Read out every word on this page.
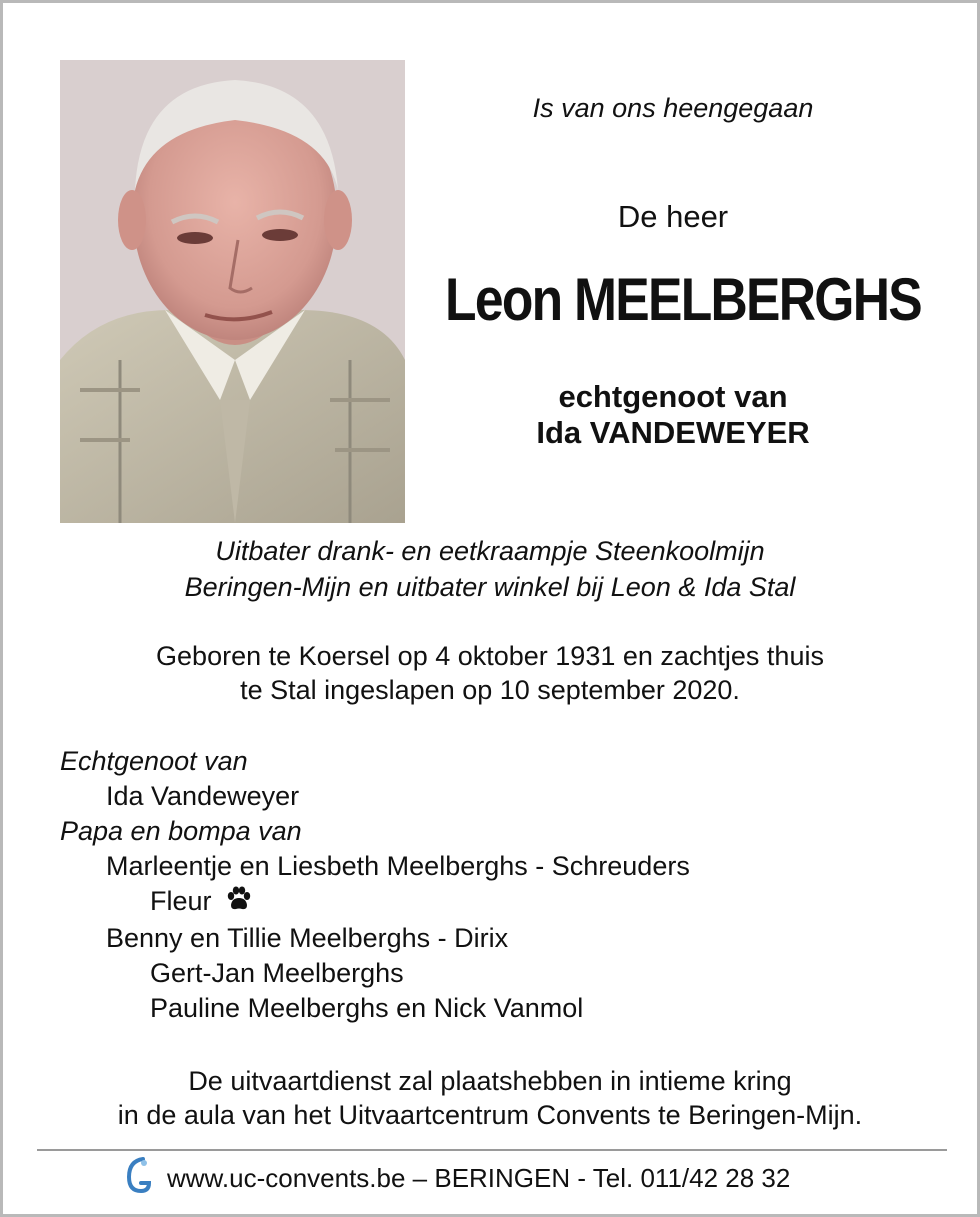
Is van ons heengegaan
De heer
Leon MEELBERGHS
echtgenoot van
Ida VANDEWEYER
Uitbater drank- en eetkraampje Steenkoolmijn
Beringen-Mijn en uitbater winkel bij Leon & Ida Stal
Geboren te Koersel op 4 oktober 1931 en zachtjes thuis
te Stal ingeslapen op 10 september 2020.
Echtgenoot van
Ida Vandeweyer
Papa en bompa van
Marleentje en Liesbeth Meelberghs - Schreuders
Fleur
Benny en Tillie Meelberghs - Dirix
Gert-Jan Meelberghs
Pauline Meelberghs en Nick Vanmol
De uitvaartdienst zal plaatshebben in intieme kring
in de aula van het Uitvaartcentrum Convents te Beringen-Mijn.
www.uc-convents.be – BERINGEN - Tel. 011/42 28 32
